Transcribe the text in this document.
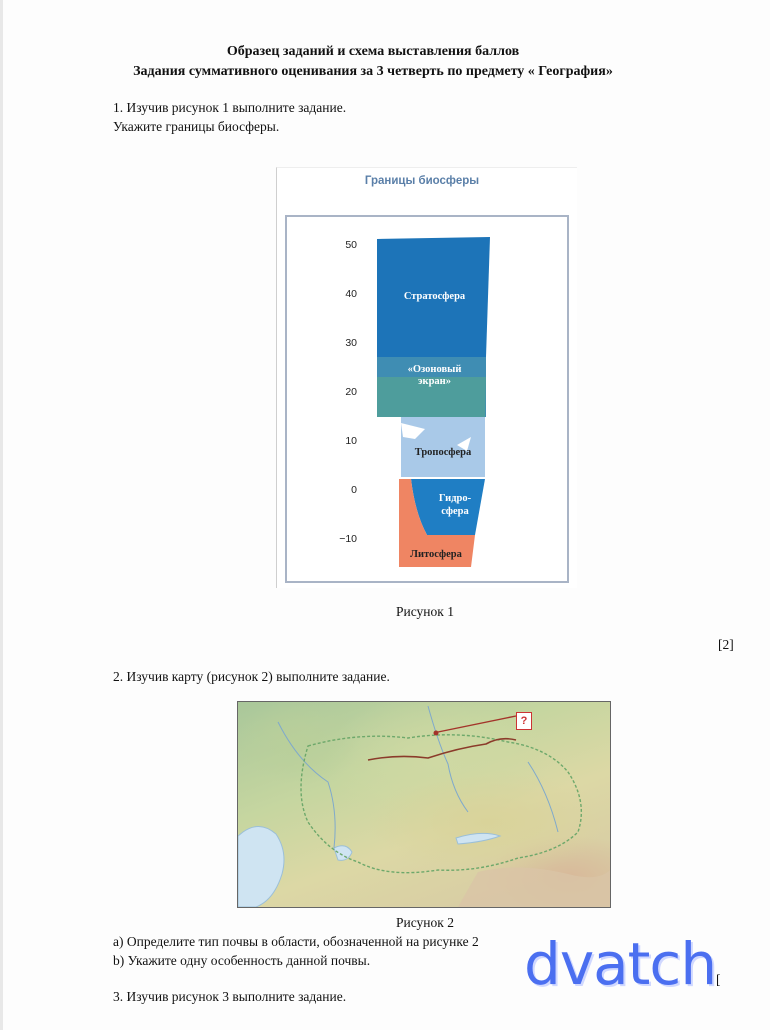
Образец заданий и схема выставления баллов
Задания суммативного оценивания за 3 четверть по предмету « География»
1. Изучив рисунок 1 выполните задание.
Укажите границы биосферы.
Границы биосферы
50
40
30
20
10
0
−10
Стратосфера
«Озоновый
экран»
Тропосфера
Гидро-
сфера
Литосфера
Рисунок 1
[2]
2. Изучив карту (рисунок 2) выполните задание.
?
Рисунок 2
а) Определите тип почвы в области, обозначенной на рисунке 2
b) Укажите одну особенность данной почвы.
[
3. Изучив рисунок 3 выполните задание.	dvatch
